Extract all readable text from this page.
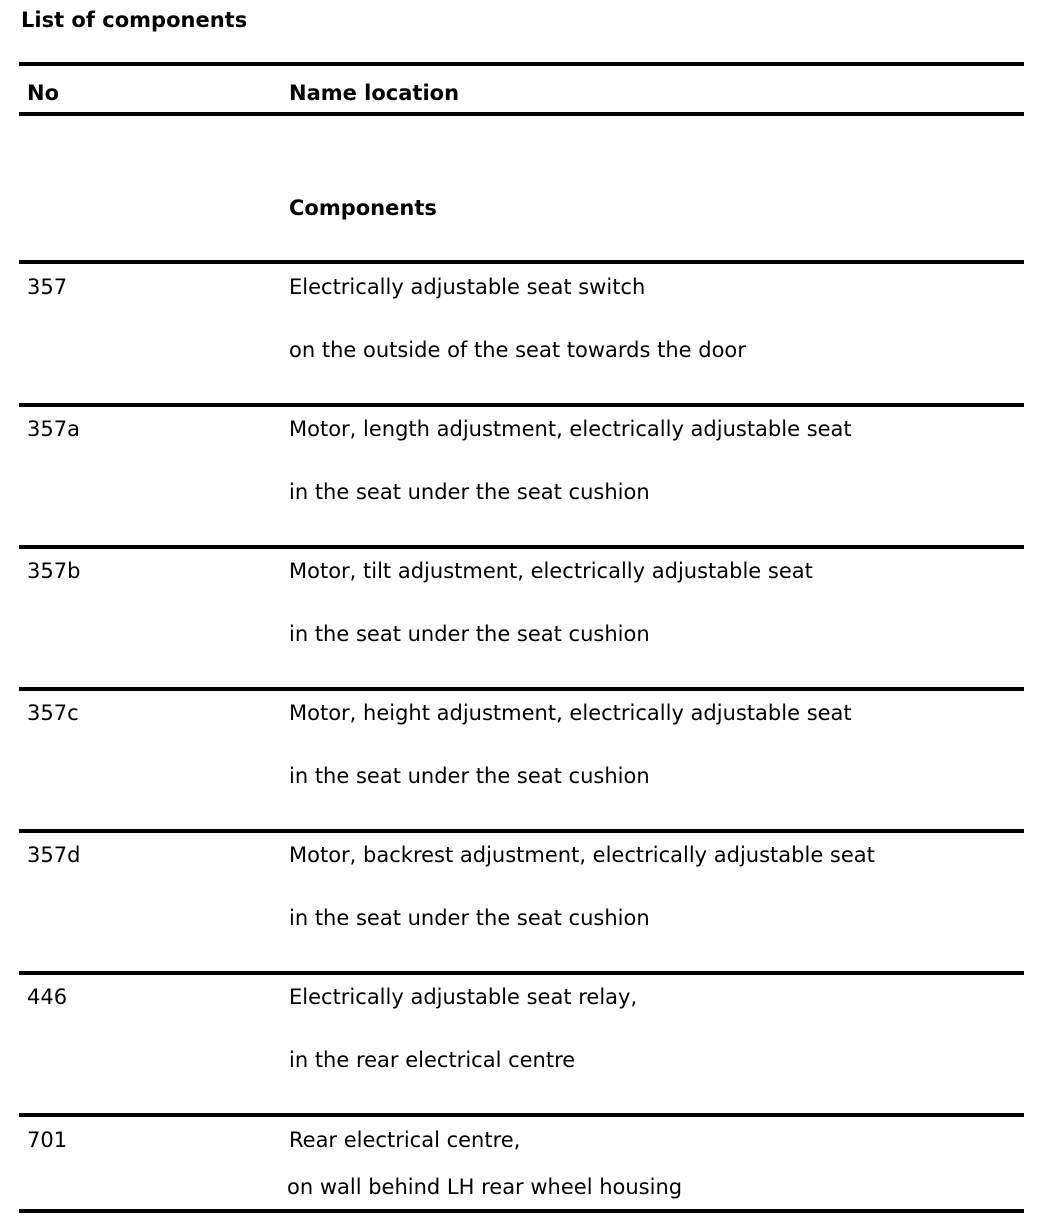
List of components
No	Name location
Components
357	Electrically adjustable seat switch
on the outside of the seat towards the door
357a	Motor, length adjustment, electrically adjustable seat
in the seat under the seat cushion
357b	Motor, tilt adjustment, electrically adjustable seat
in the seat under the seat cushion
357c	Motor, height adjustment, electrically adjustable seat
in the seat under the seat cushion
357d	Motor, backrest adjustment, electrically adjustable seat
in the seat under the seat cushion
446	Electrically adjustable seat relay,
in the rear electrical centre
701	Rear electrical centre,
on wall behind LH rear wheel housing
